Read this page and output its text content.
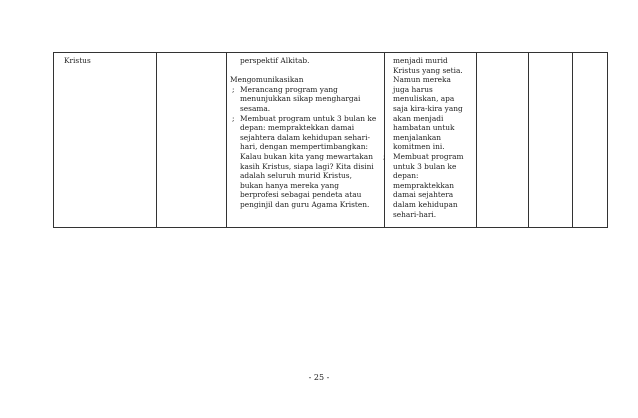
Kristus	perspektif Alkitab.
Mengomunikasikan
; Merancang program yang
menunjukkan sikap menghargai
sesama.
; Membuat program untuk 3 bulan ke
depan: mempraktekkan damai
sejahtera dalam kehidupan sehari-
hari, dengan mempertimbangkan:
Kalau bukan kita yang mewartakan
kasih Kristus, siapa lagi? Kita disini
adalah seluruh murid Kristus,
bukan hanya mereka yang
berprofesi sebagai pendeta atau
penginjil dan guru Agama Kristen.
menjadi murid
Kristus yang setia.
Namun mereka
juga harus
menuliskan, apa
saja kira-kira yang
akan menjadi
hambatan untuk
menjalankan
komitmen ini.
;	Membuat program
untuk 3 bulan ke
depan:
mempraktekkan
damai sejahtera
dalam kehidupan
sehari-hari.
- 25 -
